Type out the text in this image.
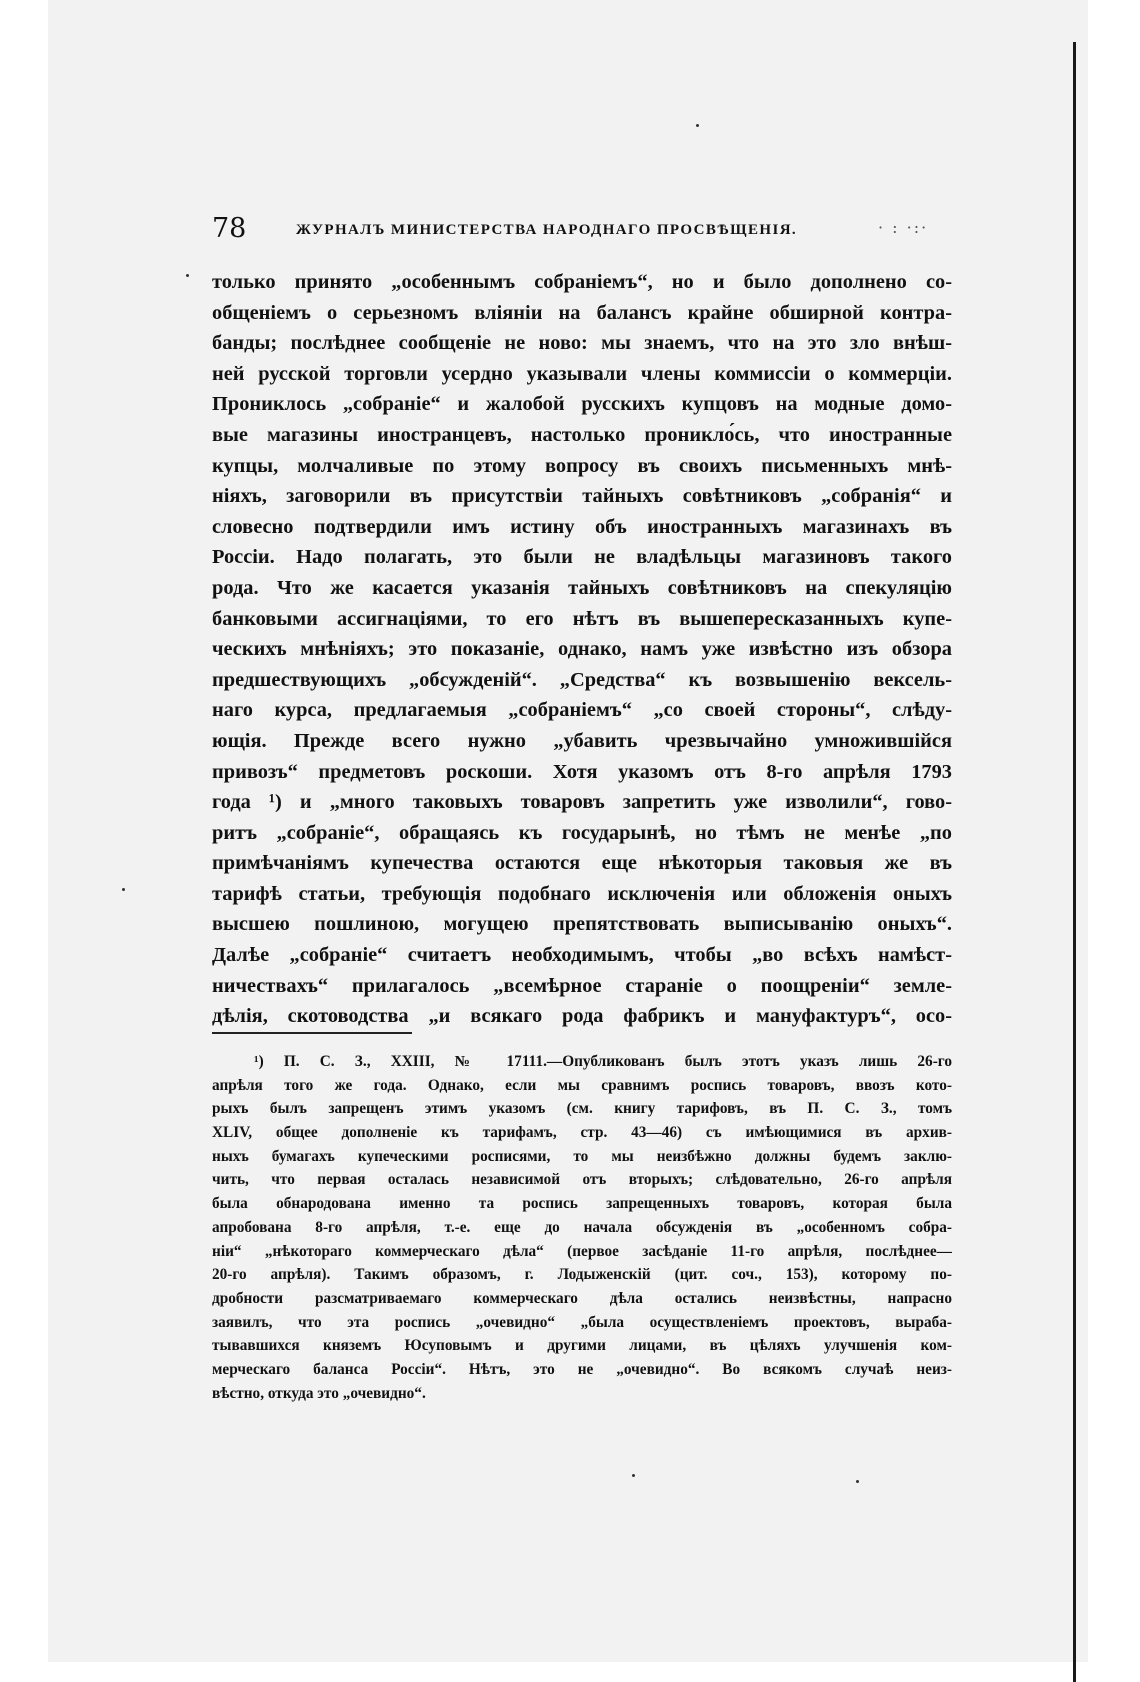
78	ЖУРНАЛЪ МИНИСТЕРСТВА НАРОДНАГО ПРОСВѢЩЕНІЯ.	· : ·:·
только принято „особеннымъ собраніемъ“, но и было дополнено со-
общеніемъ о серьезномъ вліяніи на балансъ крайне обширной контра-
банды; послѣднее сообщеніе не ново: мы знаемъ, что на это зло внѣш-
ней русской торговли усердно указывали члены коммиссіи о коммерціи.
Прониклось „собраніе“ и жалобой русскихъ купцовъ на модные домо-
вые магазины иностранцевъ, настолько проникло́сь, что иностранные
купцы, молчаливые по этому вопросу въ своихъ письменныхъ мнѣ-
ніяхъ, заговорили въ присутствіи тайныхъ совѣтниковъ „собранія“ и
словесно подтвердили имъ истину объ иностранныхъ магазинахъ въ
Россіи. Надо полагать, это были не владѣльцы магазиновъ такого
рода. Что же касается указанія тайныхъ совѣтниковъ на спекуляцію
банковыми ассигнаціями, то его нѣтъ въ вышепересказанныхъ купе-
ческихъ мнѣніяхъ; это показаніе, однако, намъ уже извѣстно изъ обзора
предшествующихъ „обсужденій“. „Средства“ къ возвышенію вексель-
наго курса, предлагаемыя „собраніемъ“ „со своей стороны“, слѣду-
ющія. Прежде всего нужно „убавить чрезвычайно умножившійся
привозъ“ предметовъ роскоши. Хотя указомъ отъ 8-го апрѣля 1793
года ¹) и „много таковыхъ товаровъ запретить уже изволили“, гово-
ритъ „собраніе“, обращаясь къ государынѣ, но тѣмъ не менѣе „по
примѣчаніямъ купечества остаются еще нѣкоторыя таковыя же въ
тарифѣ статьи, требующія подобнаго исключенія или обложенія оныхъ
высшею пошлиною, могущею препятствовать выписыванію оныхъ“.
Далѣе „собраніе“ считаетъ необходимымъ, чтобы „во всѣхъ намѣст-
ничествахъ“ прилагалось „всемѣрное стараніе о поощреніи“ земле-
дѣлія, скотоводства „и всякаго рода фабрикъ и мануфактуръ“, осо-
¹) П. С. З., XXIII, № 17111.—Опубликованъ былъ этотъ указъ лишь 26-го
апрѣля того же года. Однако, если мы сравнимъ роспись товаровъ, ввозъ кото-
рыхъ былъ запрещенъ этимъ указомъ (см. книгу тарифовъ, въ П. С. З., томъ
XLIV, общее дополненіе къ тарифамъ, стр. 43—46) съ имѣющимися въ архив-
ныхъ бумагахъ купеческими росписями, то мы неизбѣжно должны будемъ заклю-
чить, что первая осталась независимой отъ вторыхъ; слѣдовательно, 26-го апрѣля
была обнародована именно та роспись запрещенныхъ товаровъ, которая была
апробована 8-го апрѣля, т.-е. еще до начала обсужденія въ „особенномъ собра-
ніи“ „нѣкотораго коммерческаго дѣла“ (первое засѣданіе 11-го апрѣля, послѣднее—
20-го апрѣля). Такимъ образомъ, г. Лодыженскій (цит. соч., 153), которому по-
дробности разсматриваемаго коммерческаго дѣла остались неизвѣстны, напрасно
заявилъ, что эта роспись „очевидно“ „была осуществленіемъ проектовъ, выраба-
тывавшихся княземъ Юсуповымъ и другими лицами, въ цѣляхъ улучшенія ком-
мерческаго баланса Россіи“. Нѣтъ, это не „очевидно“. Во всякомъ случаѣ неиз-
вѣстно, откуда это „очевидно“.
